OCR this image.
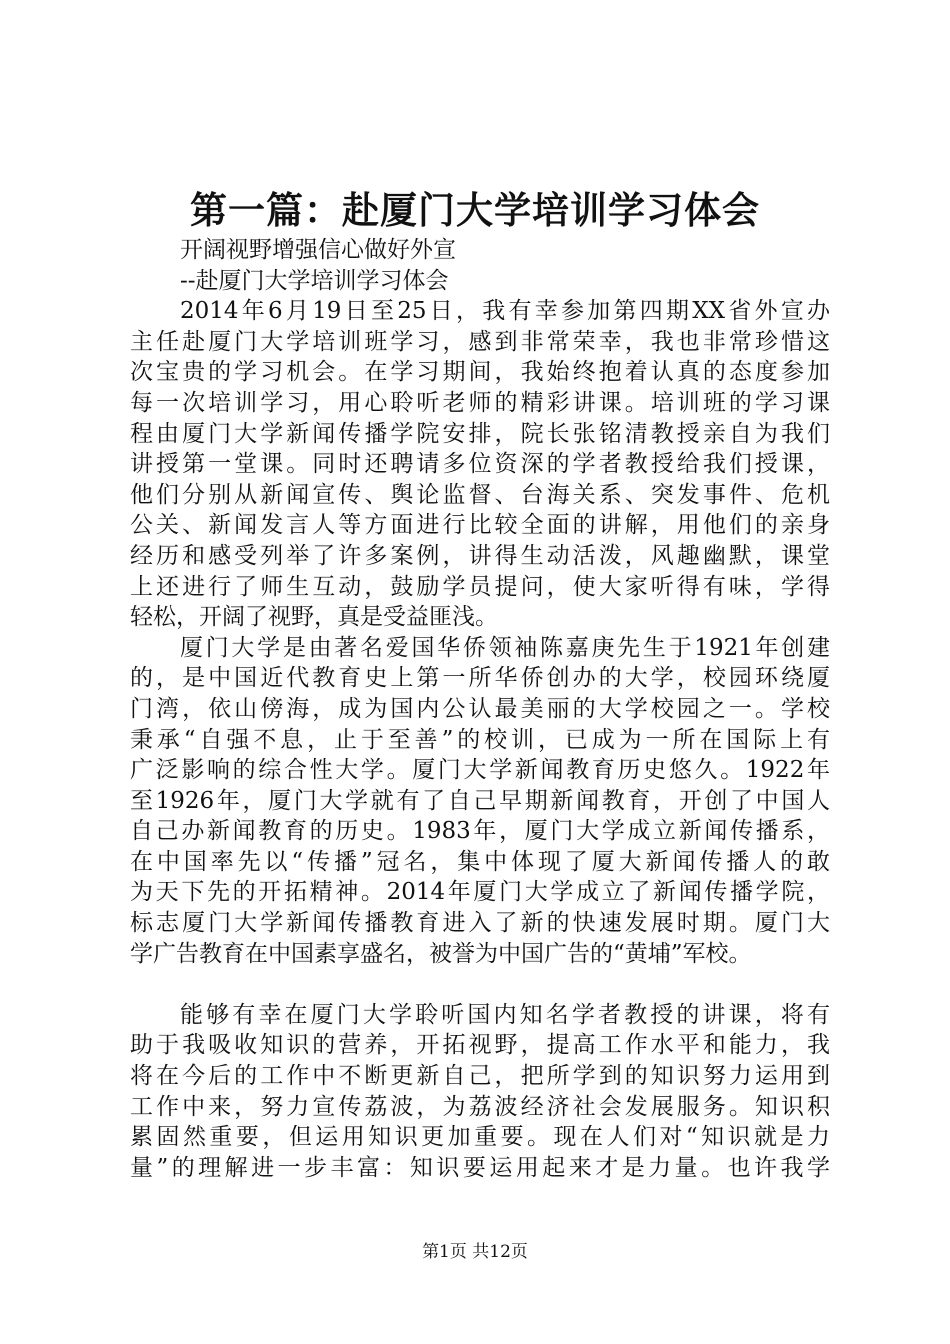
第一篇：赴厦门大学培训学习体会
开阔视野增强信心做好外宣
--赴厦门大学培训学习体会
2014年6月19日至25日，我有幸参加第四期XX省外宣办
主任赴厦门大学培训班学习，感到非常荣幸，我也非常珍惜这
次宝贵的学习机会。在学习期间，我始终抱着认真的态度参加
每一次培训学习，用心聆听老师的精彩讲课。培训班的学习课
程由厦门大学新闻传播学院安排，院长张铭清教授亲自为我们
讲授第一堂课。同时还聘请多位资深的学者教授给我们授课，
他们分别从新闻宣传、舆论监督、台海关系、突发事件、危机
公关、新闻发言人等方面进行比较全面的讲解，用他们的亲身
经历和感受列举了许多案例，讲得生动活泼，风趣幽默，课堂
上还进行了师生互动，鼓励学员提问，使大家听得有味，学得
轻松，开阔了视野，真是受益匪浅。
厦门大学是由著名爱国华侨领袖陈嘉庚先生于1921年创建
的，是中国近代教育史上第一所华侨创办的大学，校园环绕厦
门湾，依山傍海，成为国内公认最美丽的大学校园之一。学校
秉承“自强不息，止于至善”的校训，已成为一所在国际上有
广泛影响的综合性大学。厦门大学新闻教育历史悠久。1922年
至1926年，厦门大学就有了自己早期新闻教育，开创了中国人
自己办新闻教育的历史。1983年，厦门大学成立新闻传播系，
在中国率先以“传播”冠名，集中体现了厦大新闻传播人的敢
为天下先的开拓精神。2014年厦门大学成立了新闻传播学院，
标志厦门大学新闻传播教育进入了新的快速发展时期。厦门大
学广告教育在中国素享盛名，被誉为中国广告的“黄埔”军校。
能够有幸在厦门大学聆听国内知名学者教授的讲课，将有
助于我吸收知识的营养，开拓视野，提高工作水平和能力，我
将在今后的工作中不断更新自己，把所学到的知识努力运用到
工作中来，努力宣传荔波，为荔波经济社会发展服务。知识积
累固然重要，但运用知识更加重要。现在人们对“知识就是力
量”的理解进一步丰富：知识要运用起来才是力量。也许我学
第1页 共12页
